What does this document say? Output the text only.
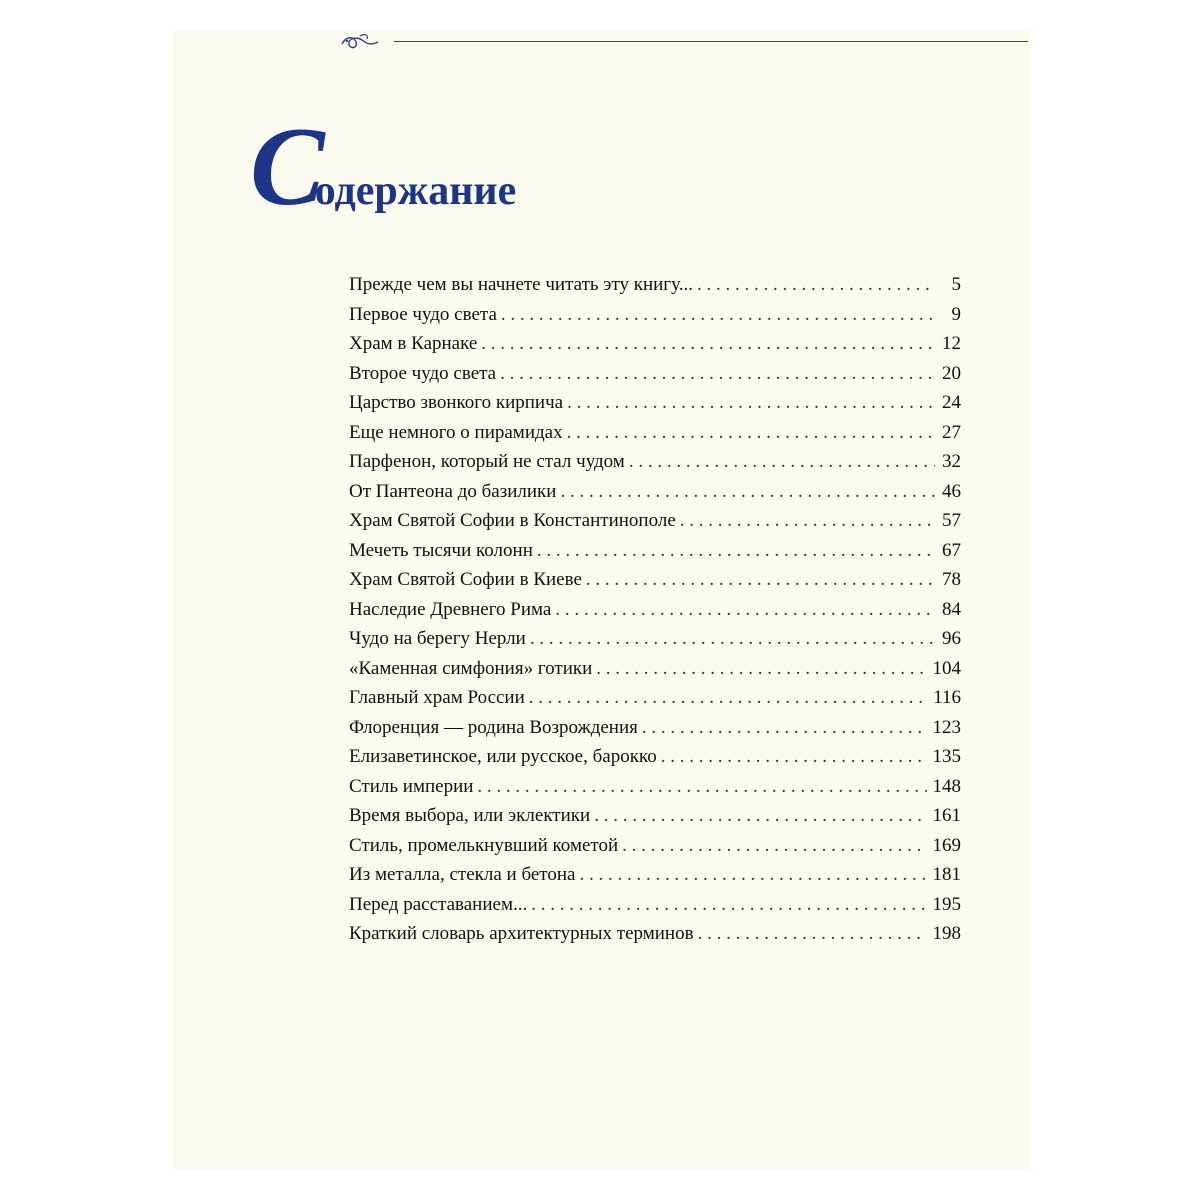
Содержание
Прежде чем вы начнете читать эту книгу... . . .	5
Первое чудо света . . .	9
Храм в Карнаке . . .	12
Второе чудо света . . .	20
Царство звонкого кирпича . . .	24
Еще немного о пирамидах . . .	27
Парфенон, который не стал чудом . . .	32
От Пантеона до базилики . . .	46
Храм Святой Софии в Константинополе . . .	57
Мечеть тысячи колонн . . .	67
Храм Святой Софии в Киеве . . .	78
Наследие Древнего Рима . . .	84
Чудо на берегу Нерли . . .	96
«Каменная симфония» готики . . .	104
Главный храм России . . .	116
Флоренция — родина Возрождения . . .	123
Елизаветинское, или русское, барокко . . .	135
Стиль империи . . .	148
Время выбора, или эклектики . . .	161
Стиль, промелькнувший кометой . . .	169
Из металла, стекла и бетона . . .	181
Перед расставанием... . . .	195
Краткий словарь архитектурных терминов . . .	198
